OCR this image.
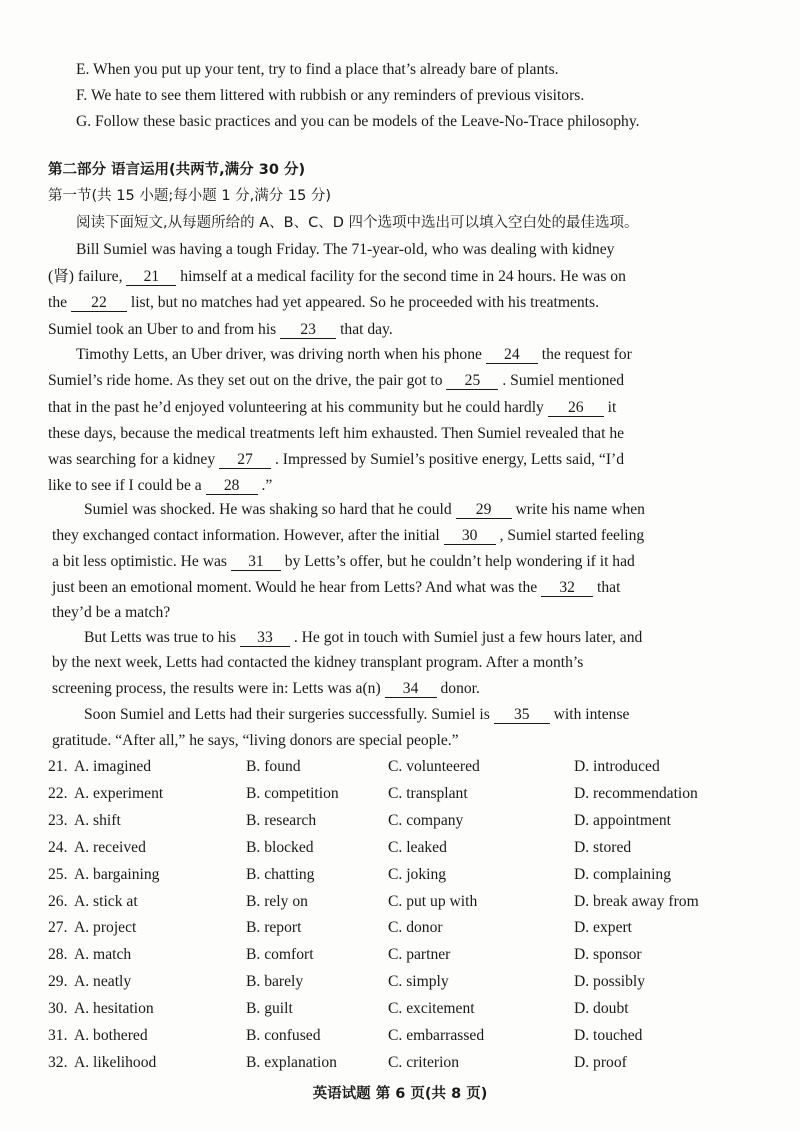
E. When you put up your tent, try to find a place that’s already bare of plants.
F. We hate to see them littered with rubbish or any reminders of previous visitors.
G. Follow these basic practices and you can be models of the Leave-No-Trace philosophy.
第二部分 语言运用(共两节,满分 30 分)
第一节(共 15 小题;每小题 1 分,满分 15 分)
阅读下面短文,从每题所给的 A、B、C、D 四个选项中选出可以填入空白处的最佳选项。
Bill Sumiel was having a tough Friday. The 71-year-old, who was dealing with kidney
(肾) failure, 21 himself at a medical facility for the second time in 24 hours. He was on
the 22 list, but no matches had yet appeared. So he proceeded with his treatments.
Sumiel took an Uber to and from his 23 that day.
Timothy Letts, an Uber driver, was driving north when his phone 24 the request for
Sumiel’s ride home. As they set out on the drive, the pair got to 25 . Sumiel mentioned
that in the past he’d enjoyed volunteering at his community but he could hardly 26 it
these days, because the medical treatments left him exhausted. Then Sumiel revealed that he
was searching for a kidney 27 . Impressed by Sumiel’s positive energy, Letts said, “I’d
like to see if I could be a 28 .”
Sumiel was shocked. He was shaking so hard that he could 29 write his name when
they exchanged contact information. However, after the initial 30 , Sumiel started feeling
a bit less optimistic. He was 31 by Letts’s offer, but he couldn’t help wondering if it had
just been an emotional moment. Would he hear from Letts? And what was the 32 that
they’d be a match?
But Letts was true to his 33 . He got in touch with Sumiel just a few hours later, and
by the next week, Letts had contacted the kidney transplant program. After a month’s
screening process, the results were in: Letts was a(n) 34 donor.
Soon Sumiel and Letts had their surgeries successfully. Sumiel is 35 with intense
gratitude. “After all,” he says, “living donors are special people.”
21. A. imagined	B. found	C. volunteered	D. introduced
22. A. experiment	B. competition	C. transplant	D. recommendation
23. A. shift	B. research	C. company	D. appointment
24. A. received	B. blocked	C. leaked	D. stored
25. A. bargaining	B. chatting	C. joking	D. complaining
26. A. stick at	B. rely on	C. put up with	D. break away from
27. A. project	B. report	C. donor	D. expert
28. A. match	B. comfort	C. partner	D. sponsor
29. A. neatly	B. barely	C. simply	D. possibly
30. A. hesitation	B. guilt	C. excitement	D. doubt
31. A. bothered	B. confused	C. embarrassed	D. touched
32. A. likelihood	B. explanation	C. criterion	D. proof
英语试题 第 6 页(共 8 页)
